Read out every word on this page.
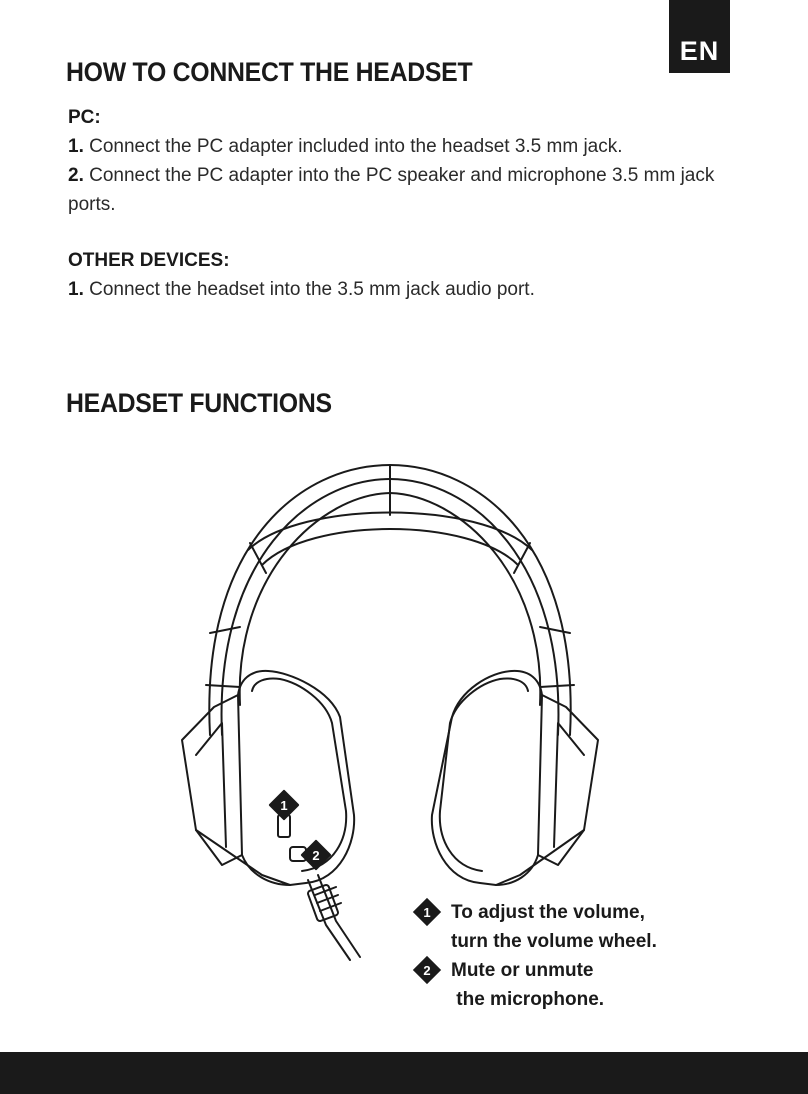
EN
HOW TO CONNECT THE HEADSET
PC:
1. Connect the PC adapter included into the headset 3.5 mm jack.
2. Connect the PC adapter into the PC speaker and microphone 3.5 mm jack ports.
OTHER DEVICES:
1. Connect the headset into the 3.5 mm jack audio port.
HEADSET FUNCTIONS
1
2
1	To adjust the volume,
turn the volume wheel.
2	Mute or unmute
the microphone.
